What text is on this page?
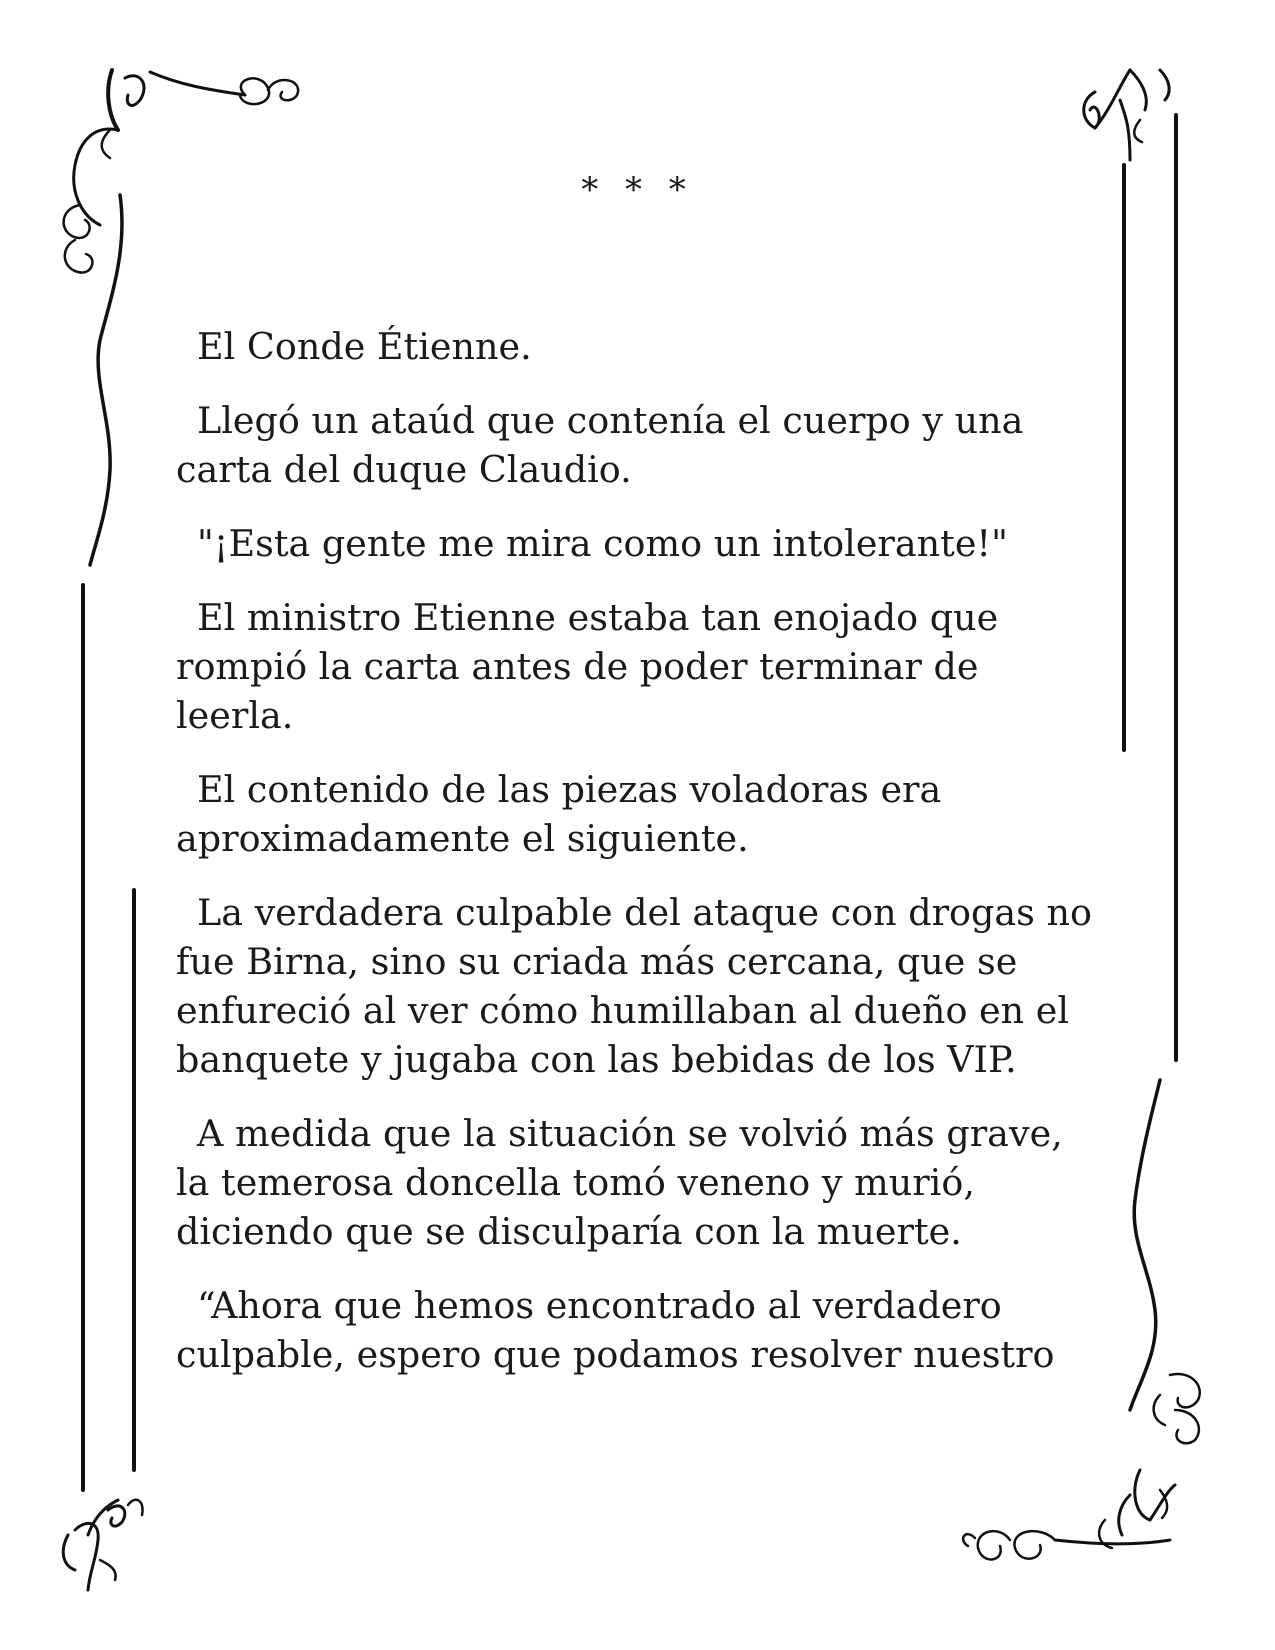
* * *

El Conde Étienne.

Llegó un ataúd que contenía el cuerpo y una carta del duque Claudio.

"¡Esta gente me mira como un intolerante!"

El ministro Etienne estaba tan enojado que rompió la carta antes de poder terminar de leerla.

El contenido de las piezas voladoras era aproximadamente el siguiente.

La verdadera culpable del ataque con drogas no fue Birna, sino su criada más cercana, que se enfureció al ver cómo humillaban al dueño en el banquete y jugaba con las bebidas de los VIP.

A medida que la situación se volvió más grave, la temerosa doncella tomó veneno y murió, diciendo que se disculparía con la muerte.

“Ahora que hemos encontrado al verdadero culpable, espero que podamos resolver nuestro
